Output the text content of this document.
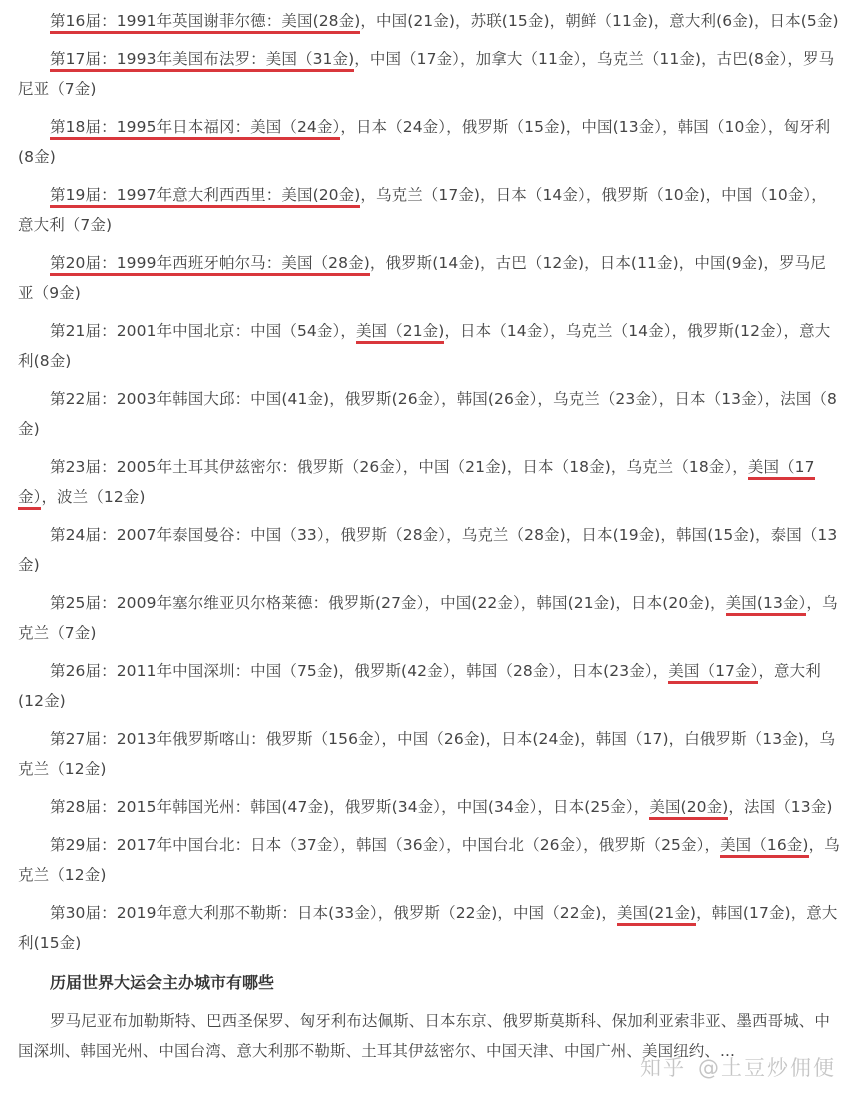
第16届：1991年英国谢菲尔德：美国(28金)，中国(21金)，苏联(15金)，朝鲜（11金)，意大利(6金)，日本(5金)

第17届：1993年美国布法罗：美国（31金)，中国（17金），加拿大（11金），乌克兰（11金)，古巴(8金），罗马尼亚（7金)

第18届：1995年日本福冈：美国（24金），日本（24金），俄罗斯（15金)，中国(13金），韩国（10金），匈牙利(8金)

第19届：1997年意大利西西里：美国(20金)，乌克兰（17金)，日本（14金），俄罗斯（10金)，中国（10金），意大利（7金)

第20届：1999年西班牙帕尔马：美国（28金)，俄罗斯(14金)，古巴（12金)，日本(11金)，中国(9金)，罗马尼亚（9金)

第21届：2001年中国北京：中国（54金），美国（21金)，日本（14金），乌克兰（14金），俄罗斯(12金），意大利(8金)

第22届：2003年韩国大邱：中国(41金)，俄罗斯(26金），韩国(26金），乌克兰（23金），日本（13金），法国（8金)

第23届：2005年土耳其伊兹密尔：俄罗斯（26金），中国（21金)，日本（18金)，乌克兰（18金），美国（17金），波兰（12金)

第24届：2007年泰国曼谷：中国（33），俄罗斯（28金），乌克兰（28金)，日本(19金)，韩国(15金)，泰国（13金)

第25届：2009年塞尔维亚贝尔格莱德：俄罗斯(27金），中国(22金），韩国(21金)，日本(20金)，美国(13金），乌克兰（7金)

第26届：2011年中国深圳：中国（75金)，俄罗斯(42金），韩国（28金），日本(23金），美国（17金），意大利(12金)

第27届：2013年俄罗斯喀山：俄罗斯（156金），中国（26金)，日本(24金)，韩国（17)，白俄罗斯（13金)，乌克兰（12金)

第28届：2015年韩国光州：韩国(47金)，俄罗斯(34金），中国(34金），日本(25金），美国(20金)，法国（13金)

第29届：2017年中国台北：日本（37金），韩国（36金），中国台北（26金），俄罗斯（25金），美国（16金)，乌克兰（12金)

第30届：2019年意大利那不勒斯：日本(33金），俄罗斯（22金)，中国（22金)，美国(21金)，韩国(17金)，意大利(15金)

历届世界大运会主办城市有哪些

罗马尼亚布加勒斯特、巴西圣保罗、匈牙利布达佩斯、日本东京、俄罗斯莫斯科、保加利亚索非亚、墨西哥城、中国深圳、韩国光州、中国台湾、意大利那不勒斯、土耳其伊兹密尔、中国天津、中国广州、美国纽约、...

知乎 @土豆炒佣便
